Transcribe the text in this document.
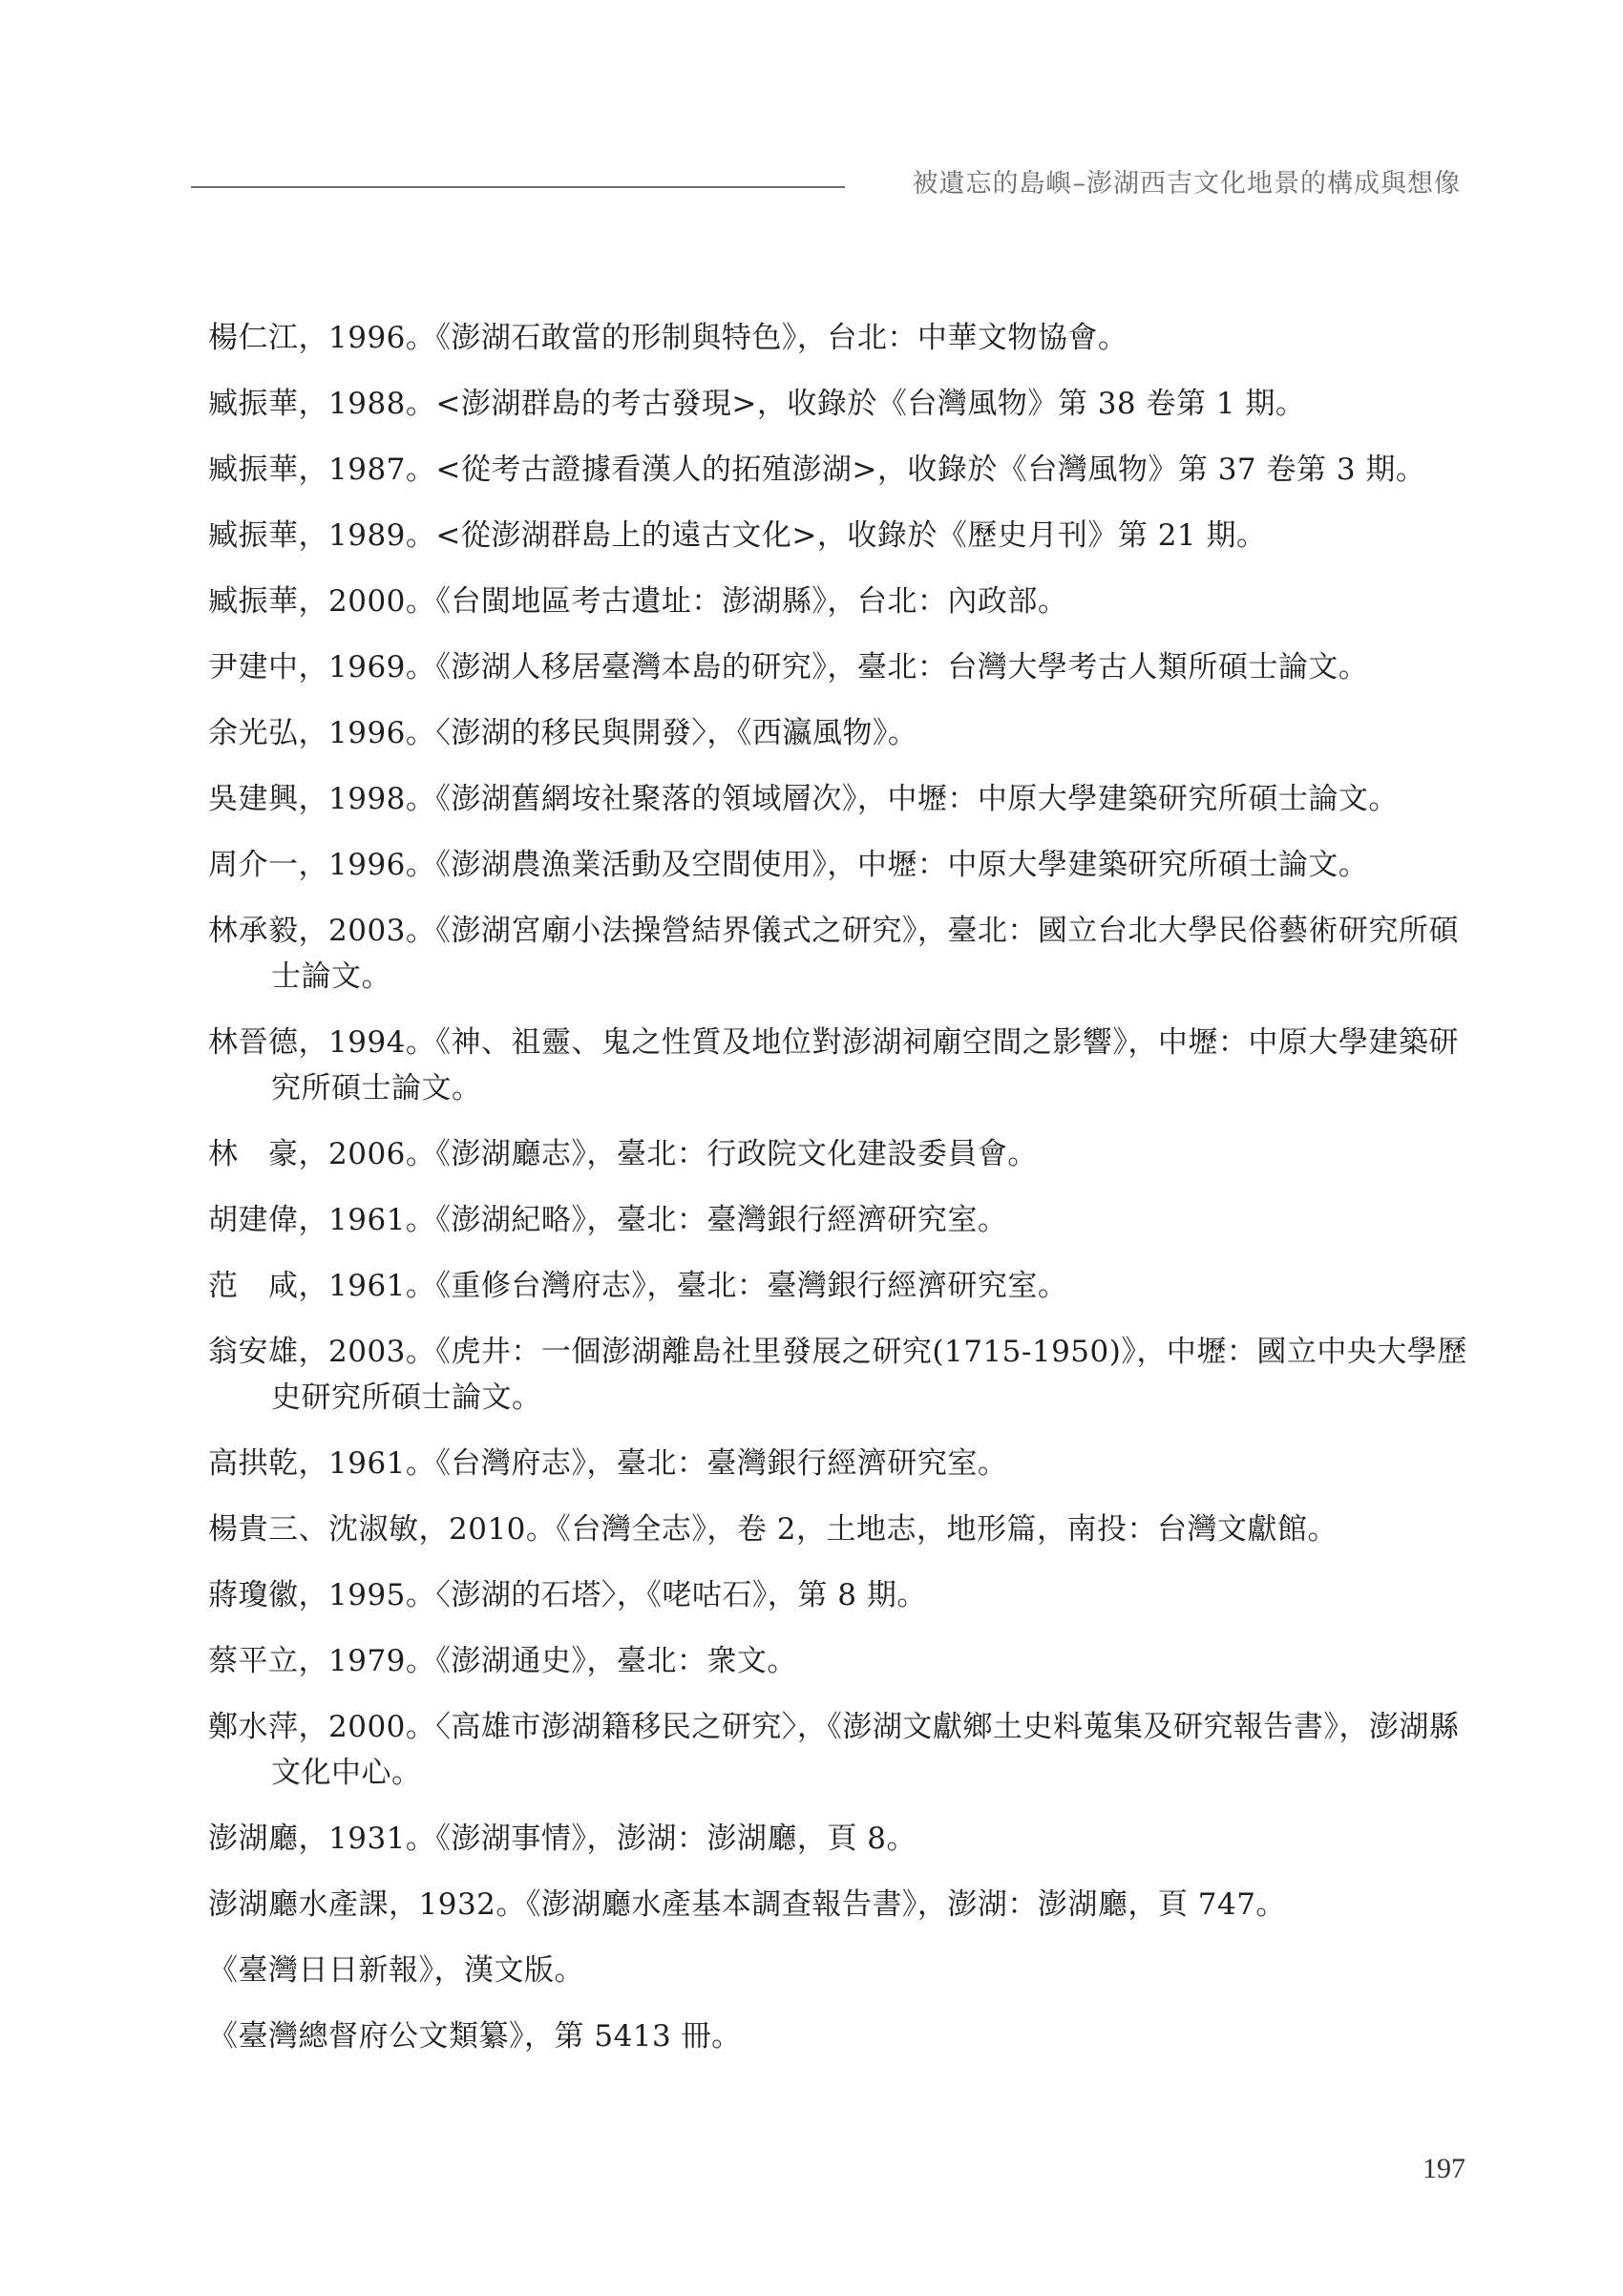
被遺忘的島嶼–澎湖西吉文化地景的構成與想像
楊仁江，1996。《澎湖石敢當的形制與特色》，台北：中華文物協會。
臧振華，1988。<澎湖群島的考古發現>，收錄於《台灣風物》第 38 卷第 1 期。
臧振華，1987。<從考古證據看漢人的拓殖澎湖>，收錄於《台灣風物》第 37 卷第 3 期。
臧振華，1989。<從澎湖群島上的遠古文化>，收錄於《歷史月刊》第 21 期。
臧振華，2000。《台閩地區考古遺址：澎湖縣》，台北：內政部。
尹建中，1969。《澎湖人移居臺灣本島的研究》，臺北：台灣大學考古人類所碩士論文。
余光弘，1996。〈澎湖的移民與開發〉，《西瀛風物》。
吳建興，1998。《澎湖舊網垵社聚落的領域層次》，中壢：中原大學建築研究所碩士論文。
周介一，1996。《澎湖農漁業活動及空間使用》，中壢：中原大學建築研究所碩士論文。
林承毅，2003。《澎湖宮廟小法操營結界儀式之研究》，臺北：國立台北大學民俗藝術研究所碩士論文。
林晉德，1994。《神、祖靈、鬼之性質及地位對澎湖祠廟空間之影響》，中壢：中原大學建築研究所碩士論文。
林　豪，2006。《澎湖廳志》，臺北：行政院文化建設委員會。
胡建偉，1961。《澎湖紀略》，臺北：臺灣銀行經濟研究室。
范　咸，1961。《重修台灣府志》，臺北：臺灣銀行經濟研究室。
翁安雄，2003。《虎井：一個澎湖離島社里發展之研究(1715-1950)》，中壢：國立中央大學歷史研究所碩士論文。
高拱乾，1961。《台灣府志》，臺北：臺灣銀行經濟研究室。
楊貴三、沈淑敏，2010。《台灣全志》，卷 2，土地志，地形篇，南投：台灣文獻館。
蔣瓊徽，1995。〈澎湖的石塔〉，《咾咕石》，第 8 期。
蔡平立，1979。《澎湖通史》，臺北：衆文。
鄭水萍，2000。〈高雄市澎湖籍移民之研究〉，《澎湖文獻鄉土史料蒐集及研究報告書》，澎湖縣文化中心。
澎湖廳，1931。《澎湖事情》，澎湖：澎湖廳，頁 8。
澎湖廳水產課，1932。《澎湖廳水產基本調查報告書》，澎湖：澎湖廳，頁 747。
《臺灣日日新報》，漢文版。
《臺灣總督府公文類纂》，第 5413 冊。
197
